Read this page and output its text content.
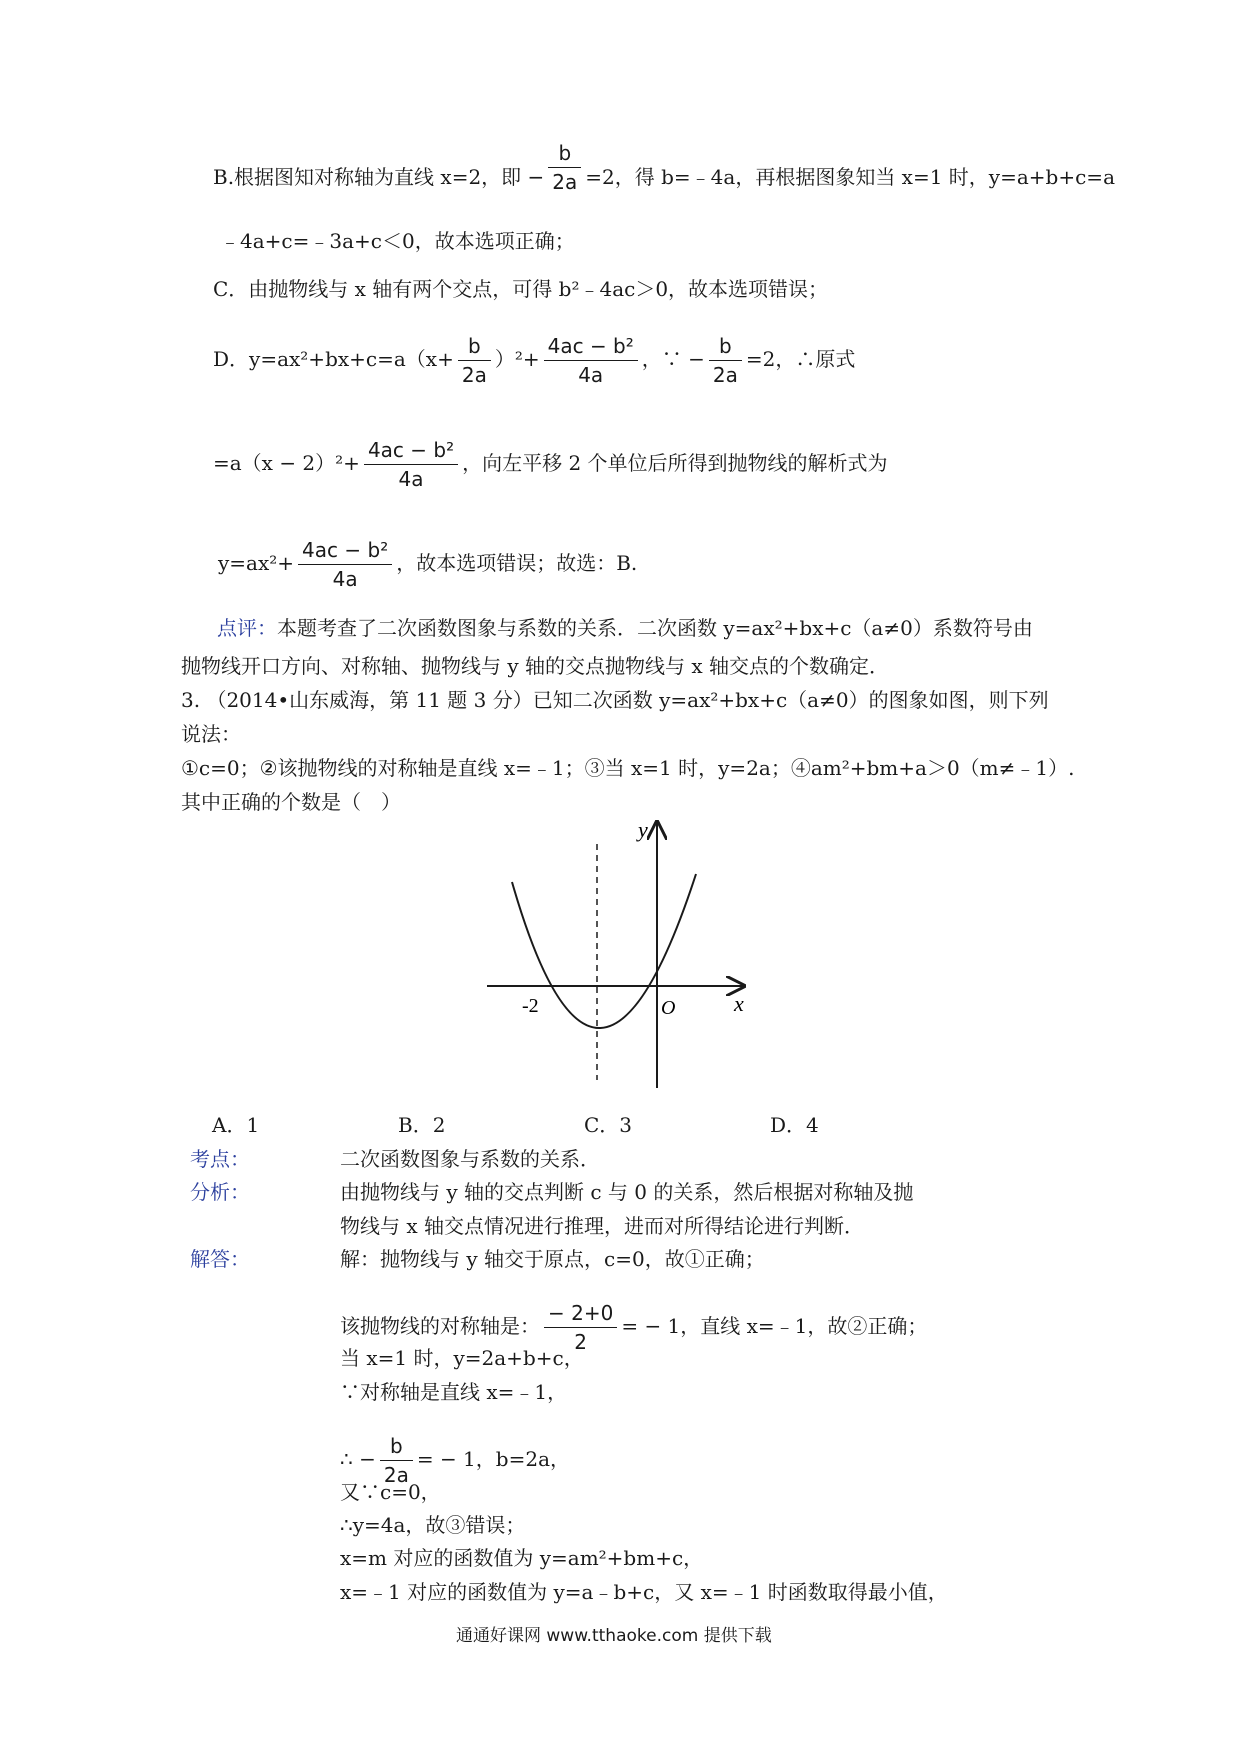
B.根据图知对称轴为直线 x=2，即 − $\frac{b}{2a} =2$，得 b=﹣4a，再根据图象知当 x=1 时，y=a+b+c=a
﹣4a+c=﹣3a+c＜0，故本选项正确；
C．由抛物线与 x 轴有两个交点，可得 b²﹣4ac＞0，故本选项错误；
D．$y=ax^2+bx+c=a(x+ \frac{b}{2a} )^2+ \frac{\text{4ac − b²}}{4a}$ ，∵ − $\frac{b}{2a} =2$，∴原式
$=a(x - 2)^2+ \frac{\text{4ac − b²}}{4a}$ ，向左平移 2 个单位后所得到抛物线的解析式为
$y=ax^2+ \frac{\text{4ac − b²}}{4a}$ ，故本选项错误；故选：B.
点评：本题考查了二次函数图象与系数的关系．二次函数 y=ax²+bx+c（a≠0）系数符号由
抛物线开口方向、对称轴、抛物线与 y 轴的交点抛物线与 x 轴交点的个数确定．
3. （2014•山东威海，第 11 题 3 分）已知二次函数 y=ax²+bx+c（a≠0）的图象如图，则下列
说法：
①c=0；②该抛物线的对称轴是直线 x=﹣1；③当 x=1 时，y=2a；④am²+bm+a＞0（m≠﹣1）.
其中正确的个数是（　）
y
x
O
-2
A．1	B．2	C．3	D．4
考点：	二次函数图象与系数的关系．
分析：	由抛物线与 y 轴的交点判断 c 与 0 的关系，然后根据对称轴及抛
物线与 x 轴交点情况进行推理，进而对所得结论进行判断．
解答：	解：抛物线与 y 轴交于原点，c=0，故①正确；
该抛物线的对称轴是： $\frac{- 2+0}{2}$ = − 1，直线 x=﹣1，故②正确；
当 x=1 时，y=2a+b+c，
∵对称轴是直线 x=﹣1，
∴ − $\frac{b}{2a}$ = − 1，b=2a，
又∵c=0，
∴y=4a，故③错误；
x=m 对应的函数值为 y=am²+bm+c，
x=﹣1 对应的函数值为 y=a﹣b+c，又 x=﹣1 时函数取得最小值，
通通好课网 www.tthaoke.com 提供下载
